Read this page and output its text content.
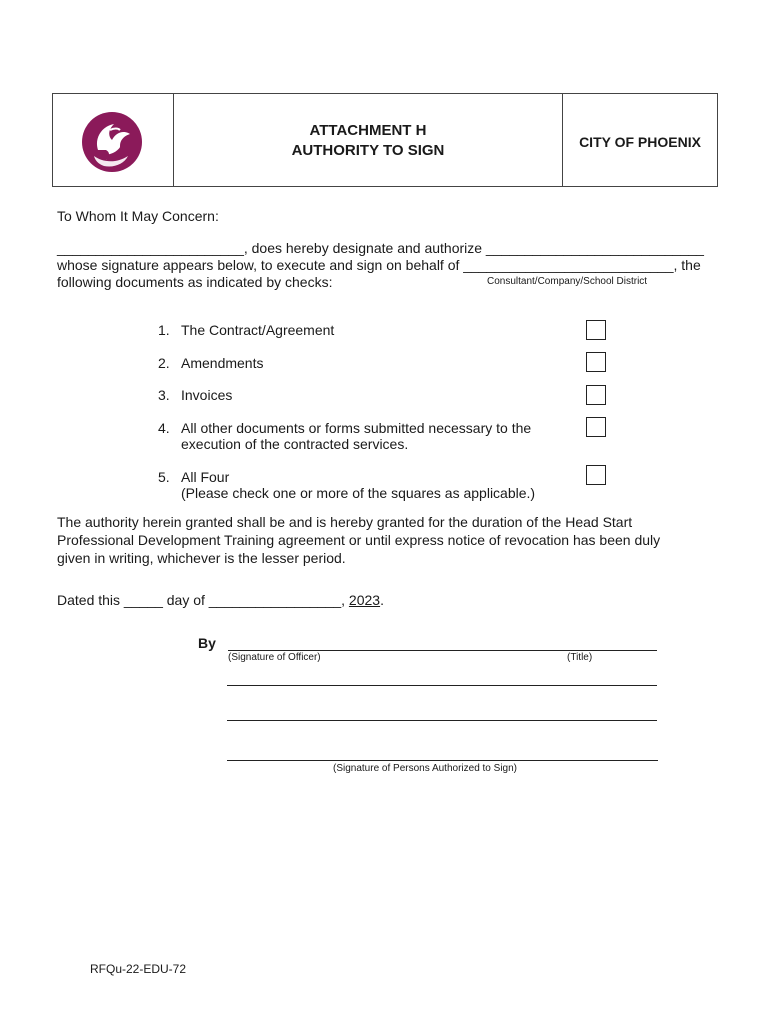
ATTACHMENT H
AUTHORITY TO SIGN	CITY OF PHOENIX
To Whom It May Concern:
________________________, does hereby designate and authorize ____________________________
whose signature appears below, to execute and sign on behalf of ___________________________, the
following documents as indicated by checks:	Consultant/Company/School District
1. The Contract/Agreement
2. Amendments
3. Invoices
4. All other documents or forms submitted necessary to the
execution of the contracted services.
5. All Four
(Please check one or more of the squares as applicable.)
The authority herein granted shall be and is hereby granted for the duration of the Head Start
Professional Development Training agreement or until express notice of revocation has been duly
given in writing, whichever is the lesser period.
Dated this _____ day of _________________, 2023.
By
(Signature of Officer)	(Title)
(Signature of Persons Authorized to Sign)
RFQu-22-EDU-72
